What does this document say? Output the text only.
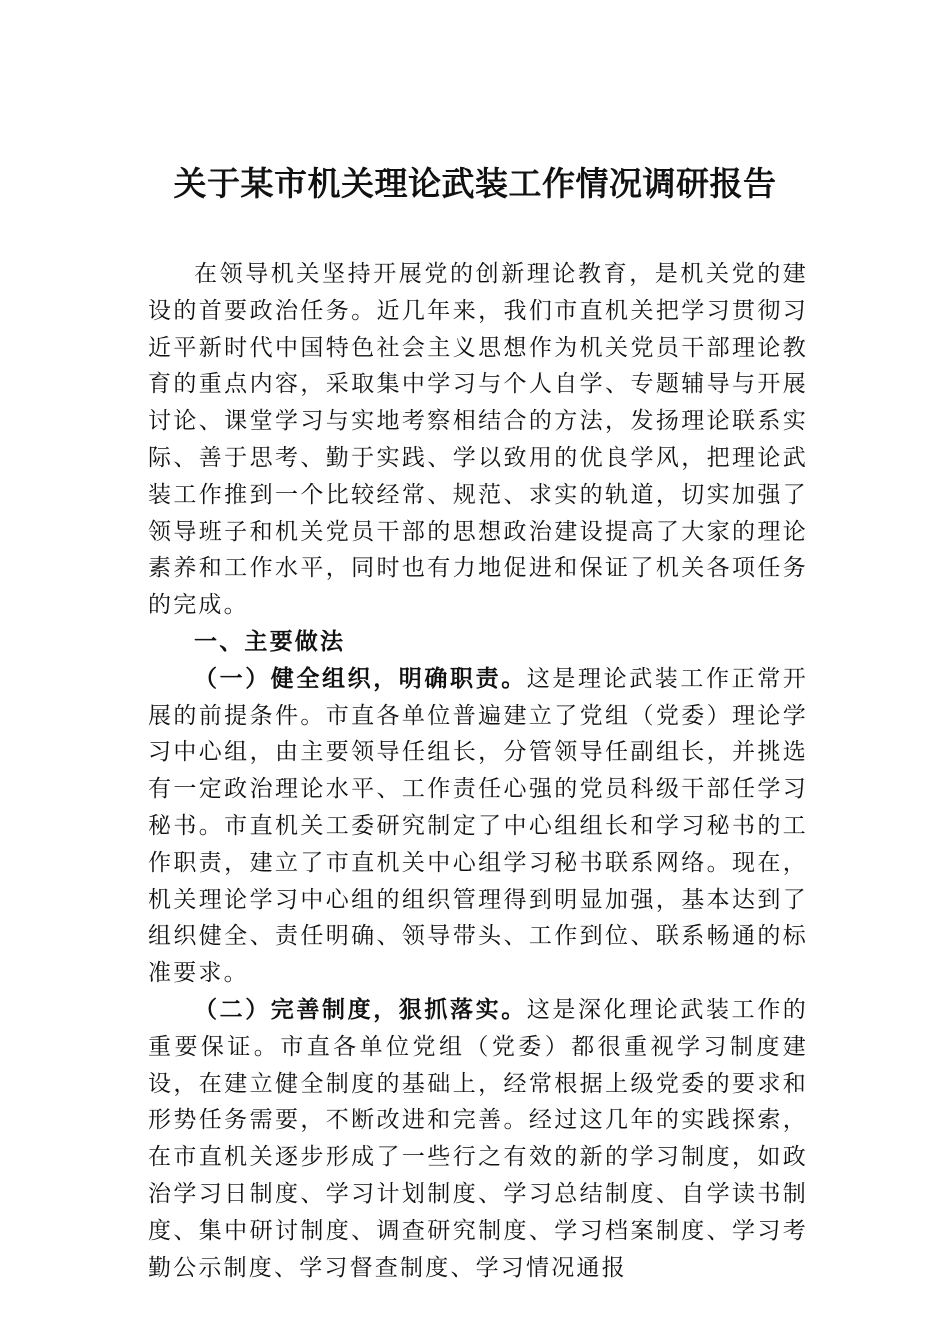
关于某市机关理论武装工作情况调研报告

在领导机关坚持开展党的创新理论教育，是机关党的建设的首要政治任务。近几年来，我们市直机关把学习贯彻习近平新时代中国特色社会主义思想作为机关党员干部理论教育的重点内容，采取集中学习与个人自学、专题辅导与开展讨论、课堂学习与实地考察相结合的方法，发扬理论联系实际、善于思考、勤于实践、学以致用的优良学风，把理论武装工作推到一个比较经常、规范、求实的轨道，切实加强了领导班子和机关党员干部的思想政治建设提高了大家的理论素养和工作水平，同时也有力地促进和保证了机关各项任务的完成。

一、主要做法

（一）健全组织，明确职责。这是理论武装工作正常开展的前提条件。市直各单位普遍建立了党组（党委）理论学习中心组，由主要领导任组长，分管领导任副组长，并挑选有一定政治理论水平、工作责任心强的党员科级干部任学习秘书。市直机关工委研究制定了中心组组长和学习秘书的工作职责，建立了市直机关中心组学习秘书联系网络。现在，机关理论学习中心组的组织管理得到明显加强，基本达到了组织健全、责任明确、领导带头、工作到位、联系畅通的标准要求。

（二）完善制度，狠抓落实。这是深化理论武装工作的重要保证。市直各单位党组（党委）都很重视学习制度建设，在建立健全制度的基础上，经常根据上级党委的要求和形势任务需要，不断改进和完善。经过这几年的实践探索，在市直机关逐步形成了一些行之有效的新的学习制度，如政治学习日制度、学习计划制度、学习总结制度、自学读书制度、集中研讨制度、调查研究制度、学习档案制度、学习考勤公示制度、学习督查制度、学习情况通报
